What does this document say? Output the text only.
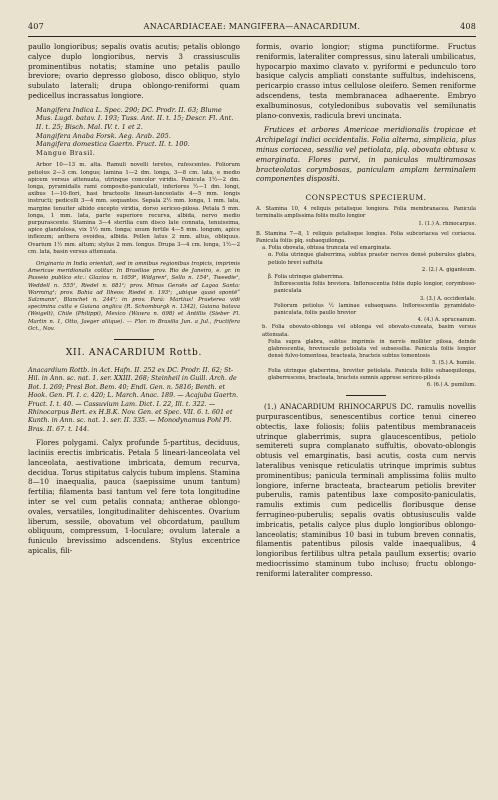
407	ANACARDIACEAE: MANGIFERA—ANACARDIUM.	408

paullo longioribus; sepalis ovatis acutis; petalis oblongo calyce duplo longioribus, nervis 3 crassiusculis prominentibus notatis; stamine uno petalis paullo breviore; ovario depresso globoso, disco obliquo, stylo subulato laterali; drupa oblongo-reniformi quam pedicellus incrassatus longiore.

Mangifera Indica L. Spec. 290; DC. Prodr. II. 63; Blume Mus. Lugd. batav. I. 193; Tuss. Ant. II. t. 15; Descr. Fl. Ant. II. t. 25; Bisch. Mal. IV. t. 1 et 2.

Mangifera Anaba Forsk. Aeg. Arab. 205.

Mangifera domestica Gaertn. Fruct. II. t. 100.

Mangue Brasil.

Arbor 10—13 m. alta. Ramuli novelli teretes, rufescentes. Foliorum petiolus 2—3 cm. longus; lamina 1—2 dm. longa, 3—8 cm. lata, e medio apicem versus attenuata, utrinque concolor viridis. Panicula 1½—2 dm. longa, pyramidalis rami composito-paniculati, inferiores ½—1 dm. longi, axibus 1—10-flori, hasi bracteolis lineari-lanceolatis 4—5 mm. longis instructi; pedicelli 3—4 mm. sequantes. Sepala 2½ mm. longa, 1 mm. lata, margine tenuiter albido excepto viridia, dorso sericeo-pilosa. Petala 5 mm. longa, 1 mm. lata, parte superiore recurva, albida, nervo medio purpurascente. Stamina 3—4 sterilia cum disco late connata, tenuissima, apice glandulosa, vix 1½ mm. longa; unum fertile 4—5 mm. longum, apice inflexum; anthera ovoidea, albida. Pollen latus 2 mm. altus, obliquus. Ovarium 1½ mm. altum; stylus 2 mm. longus. Drupa 3—4 cm. longa, 1½—2 cm. lata, basin versus attenuata.

Originaria in India orientali, sed in omnibus regionibus tropicis, imprimis Americae meridionalis colitur. In Brasiliae prov. Rio de Janeiro, e. gr. in Passeio publico etc.: Glaziou n. 1659¹, Widgren¹, Sello n. 154¹, Tweedie¹, Weddell n. 555¹, Riedel n. 681¹; prov. Minas Geraës ad Lagoa Santa: Warming¹; prov. Bahia ad Ilheos: Riedel n. 193¹; „ubique quasi spontē“ Salzmann¹, Blanchet n. 244¹; in prov. Pará: Martius! Praeterea vidi specimina culta e Guiana anglica (R. Schomburgk n. 1342), Guiana batava (Weigelt), Chile (Philippi), Mexico (Wawra n. 698) et Antillis (Sieber Fl. Martin n. 1, Otto, Jaeger aliique). — Flor. in Brasilia Jun. a Jul., fructifera Oct., Nov.

XII. ANACARDIUM Rottb.

Anacardium Rottb. in Act. Hafn. II. 252 ex DC. Prodr. II. 62; St-Hil. in Ann. sc. nat. 1. ser. XXIII. 268; Steinheil in Guill. Arch. de Bot. I. 269; Presl Bot. Bem. 40; Endl. Gen. n. 5816; Benth. et Hook. Gen. Pl. I. c. 420; L. March. Anac. 189. — Acajuba Gaertn. Fruct. I. t. 40. — Cassuvium Lam. Dict. I. 22, Ill. t. 322. — Rhinocarpus Bert. ex H.B.K. Nov. Gen. et Spec. VII. 6. t. 601 et Kunth. in Ann. sc. nat. 1. ser. II. 335. — Monodynamus Pohl Pl. Bras. II. 67. t. 144.

Flores polygami. Calyx profunde 5-partitus, deciduus, laciniis erectis imbricatis. Petala 5 lineari-lanceolata vel lanceolata, aestivatione imbricata, demum recurva, decidua. Torus stipitatus calycis tubum implens. Stamina 8—10 inaequalia, pauca (saepissime unum tantum) fertilia; filamenta basi tantum vel fere tota longitudine inter se vel cum petalis connata; antherae oblongo-ovales, versatiles, longitudinaliter dehiscentes. Ovarium liberum, sessile, obovatum vel obcordatum, paullum obliquum, compressum, 1-loculare; ovulum laterale a funiculo brevissimo adscendens. Stylus excentrice apicalis, fili-

formis, ovario longior; stigma punctiforme. Fructus reniformis, lateraliter compressus, sinu laterali umbilicatus, hypocarpio maximo clavato v. pyriformi e pedunculo toro basique calycis ampliati constante suffultus, indehiscens, pericarpio crasso intus cellulose oleifero. Semen reniforme adscendens, testa membranacea adhaerente. Embryo exalbuminosus, cotyledonibus subovatis vel semilunatis plano-convexis, radicula brevi uncinata.

Frutices et arbores Americae meridionalis tropicae et Archipelagi indici occidentalis. Folia alterna, simplicia, plus minus coriacea, sessilia vel petiolata, plq. obovata obtusa v. emarginata. Flores parvi, in paniculas multiramosas bracteolatas corymbosas, paniculam amplam terminalem componentes dispositi.

CONSPECTUS SPECIERUM.

A. Stamina 10, 4 reliquis petalisque longiora. Folia membranacea. Panicula terminalis amplissima foliis multo longior
1. (1.) A. rhinocarpus.
B. Stamina 7—8, 1 reliquis petalisque longius. Folia subcoriacea vel coriacea. Panicula foliis plq. subaequilonga.
a. Folia obovata, obtusa truncata vel emarginata.
α. Folia utrinque glaberrima, subtus praeter nervos densè puberulos glabra, petiolo brevi suffulta
2. (2.) A. giganteum.
β. Folia utrinque glaberrima.
Inflorescentia foliis breviora. Inflorescentia foliis duplo longior, corymboso-paniculata
3. (3.) A. occidentale.
Foliorum petiolus ½ laminae subaequans. Inflorescentia pyramidato-paniculata, foliis paullo brevior
4. (4.) A. spruceanum.
b. Folia obovato-oblonga vel oblonga vel obovato-cuneata, basim versus attenuata.
Folia supra glabra, subtus imprimis in nervis molliter pilosa, deinde glabrescentia, breviuscule petiolata vel subsessilia. Panicula foliis longior densè fulvo-tomentosa, bracteata, bracteis subtus tomentosis
5. (5.) A. humile.
Folia utrinque glaberrima, breviter petiolata. Panicula foliis subaequilonga, glaberrescens, bracteata, bracteis sumnis apprese sericeo-pilosis
6. (6.) A. pumilum.

(1.) ANACARDIUM RHINOCARPUS DC. ramulis novellis purpurascentibus, senescentibus cortice tenui cinereo obtectis, laxe foliosis; foliis patentibus membranaceis utrinque glaberrimis, supra glaucescentibus, petiolo semitereti supra complanato suffultis, obovato-oblongis obtusis vel emarginatis, basi acutis, costa cum nervis lateralibus venisque reticulatis utrinque imprimis subtus prominentibus; panicula terminali amplissima foliis multo longiore, inferne bracteata, bractearum petiolis breviter puberulis, ramis patentibus laxe composito-paniculatis, ramulis extimis cum pedicellis floribusque dense ferrugineo-puberulis; sepalis ovatis obtusiusculis valde imbricatis, petalis calyce plus duplo longioribus oblongo-lanceolatis; staminibus 10 basi in tubum breven connatis, filamentis patentibus pilosis valde inaequalibus, 4 longioribus fertilibus ultra petala paullum exsertis; ovario mediocrissimo staminum tubo incluso; fructu oblongo-reniformi lateraliter compresso.
